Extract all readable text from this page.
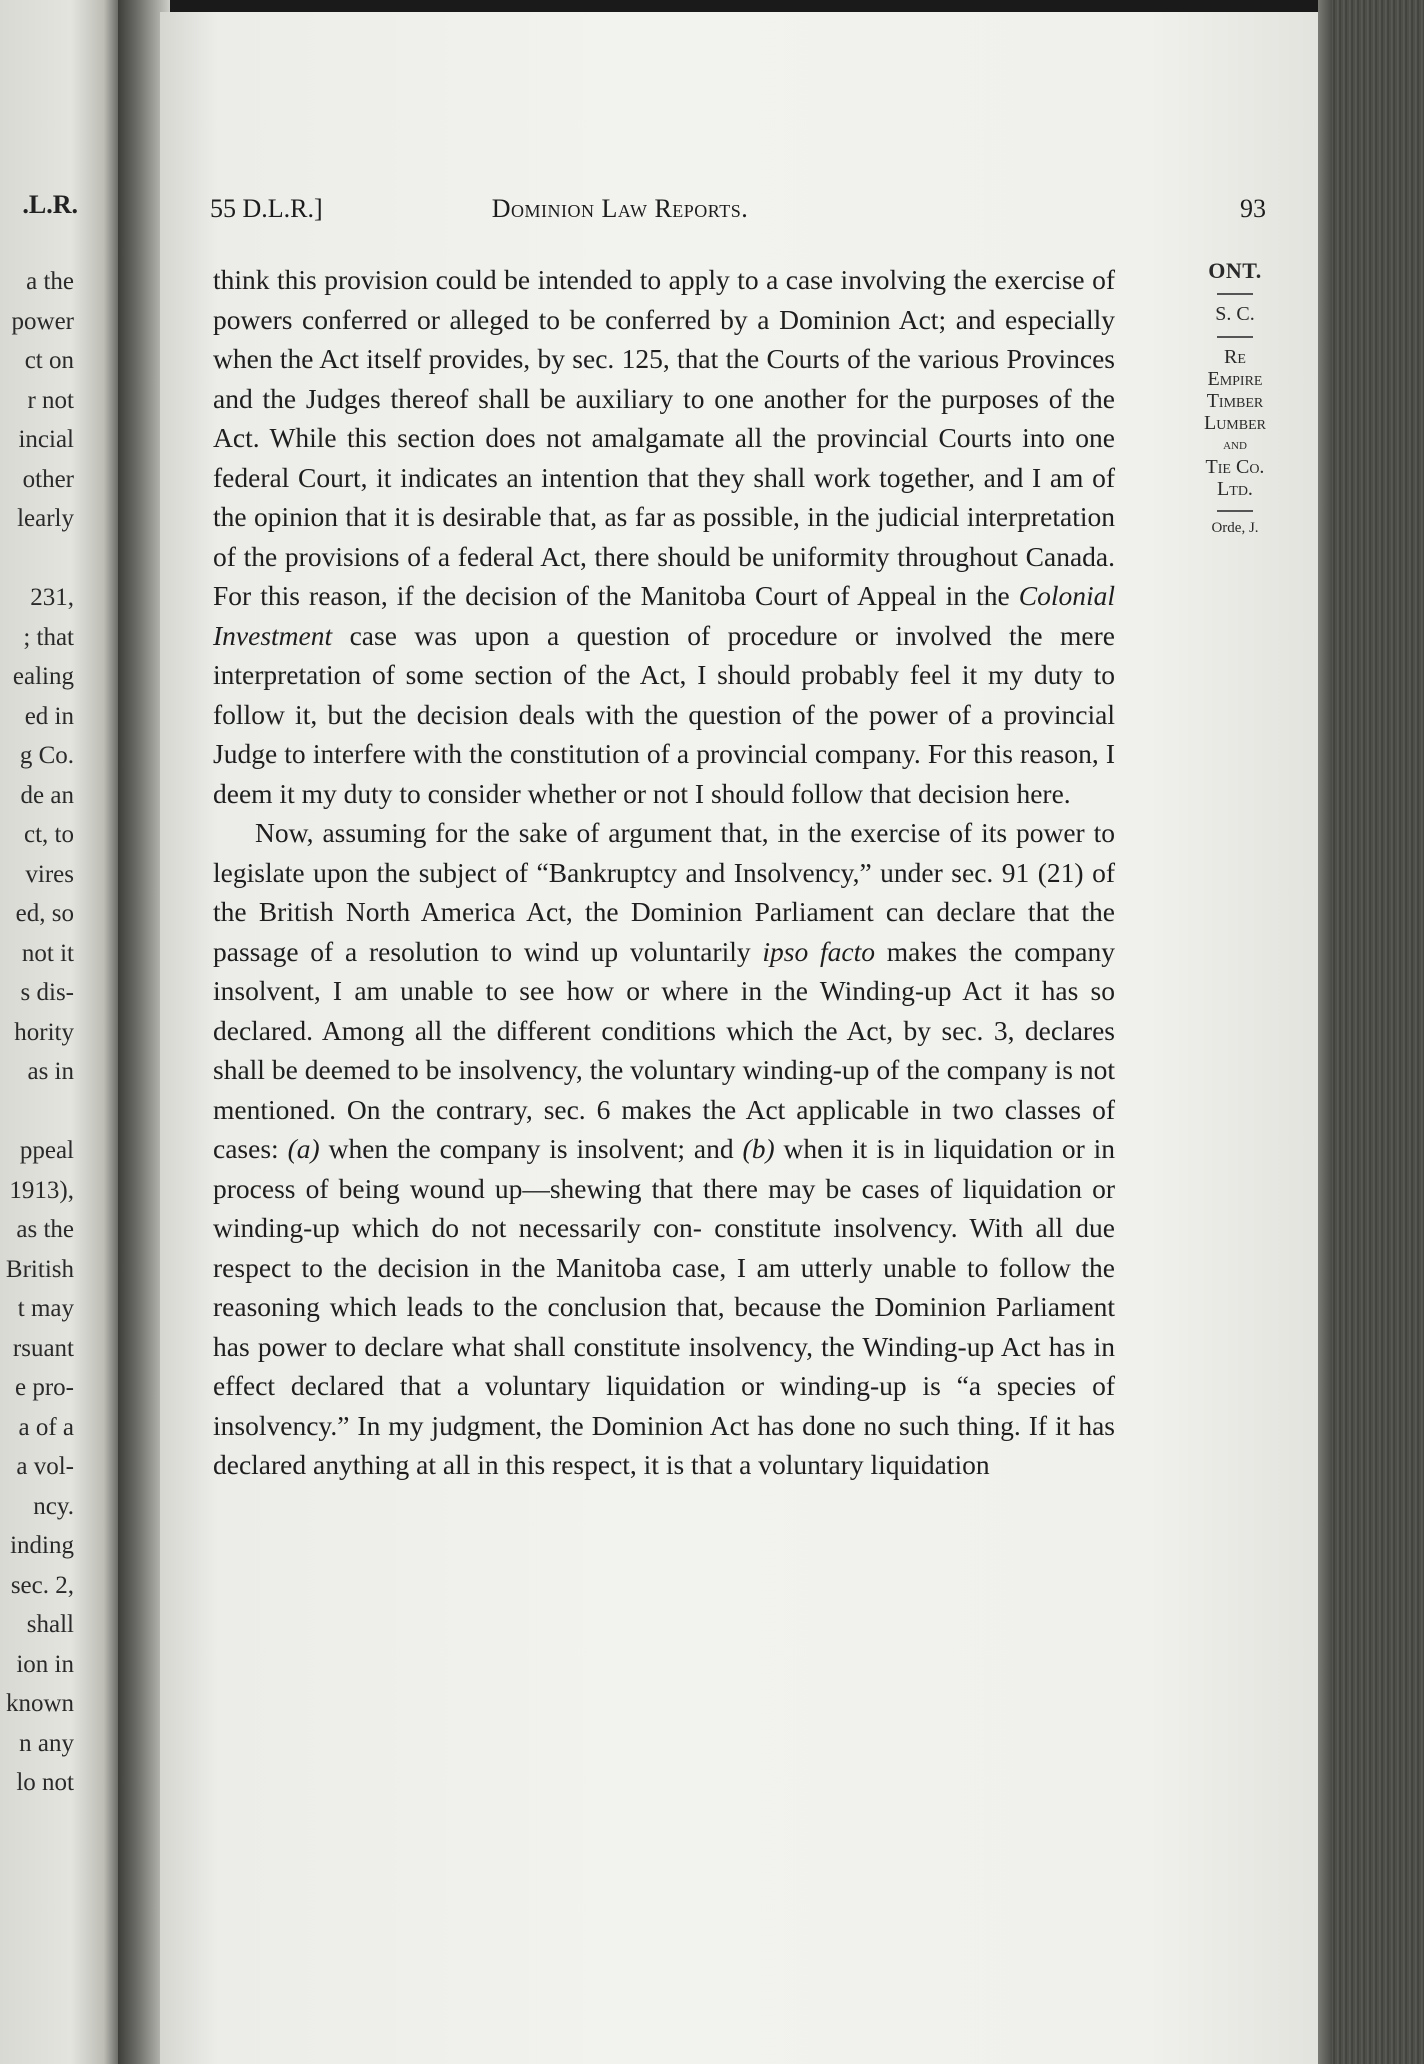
.L.R.
a the
power
ct on
r not
incial
other
learly
231,
; that
ealing
ed in
g Co.
de an
ct, to
vires
ed, so
not it
s dis-
hority
as in
ppeal
1913),
as the
British
t may
rsuant
e pro-
a of a
a vol-
ncy.
inding
sec. 2,
shall
ion in
known
n any
lo not
55 D.L.R.]	Dominion Law Reports.	93

think this provision could be intended to apply to a case involving the exercise of powers conferred or alleged to be conferred by a Dominion Act; and especially when the Act itself provides, by sec. 125, that the Courts of the various Provinces and the Judges thereof shall be auxiliary to one another for the purposes of the Act. While this section does not amalgamate all the provincial Courts into one federal Court, it indicates an intention that they shall work together, and I am of the opinion that it is desirable that, as far as possible, in the judicial interpretation of the provisions of a federal Act, there should be uniformity throughout Canada. For this reason, if the decision of the Manitoba Court of Appeal in the Colonial Investment case was upon a question of procedure or involved the mere interpretation of some section of the Act, I should probably feel it my duty to follow it, but the decision deals with the question of the power of a provincial Judge to interfere with the constitution of a provincial company. For this reason, I deem it my duty to consider whether or not I should follow that decision here.

Now, assuming for the sake of argument that, in the exercise of its power to legislate upon the subject of “Bankruptcy and Insolvency,” under sec. 91 (21) of the British North America Act, the Dominion Parliament can declare that the passage of a resolution to wind up voluntarily ipso facto makes the company insolvent, I am unable to see how or where in the Winding-up Act it has so declared. Among all the different conditions which the Act, by sec. 3, declares shall be deemed to be insolvency, the voluntary winding-up of the company is not mentioned. On the contrary, sec. 6 makes the Act applicable in two classes of cases: (a) when the company is insolvent; and (b) when it is in liquidation or in process of being wound up—shewing that there may be cases of liquidation or winding-up which do not necessarily con- constitute insolvency. With all due respect to the decision in the Manitoba case, I am utterly unable to follow the reasoning which leads to the conclusion that, because the Dominion Parliament has power to declare what shall constitute insolvency, the Winding-up Act has in effect declared that a voluntary liquidation or winding-up is “a species of insolvency.” In my judgment, the Dominion Act has done no such thing. If it has declared anything at all in this respect, it is that a voluntary liquidation

ONT.
S. C.
Re
Empire
Timber
Lumber
and
Tie Co.
Ltd.
Orde, J.
